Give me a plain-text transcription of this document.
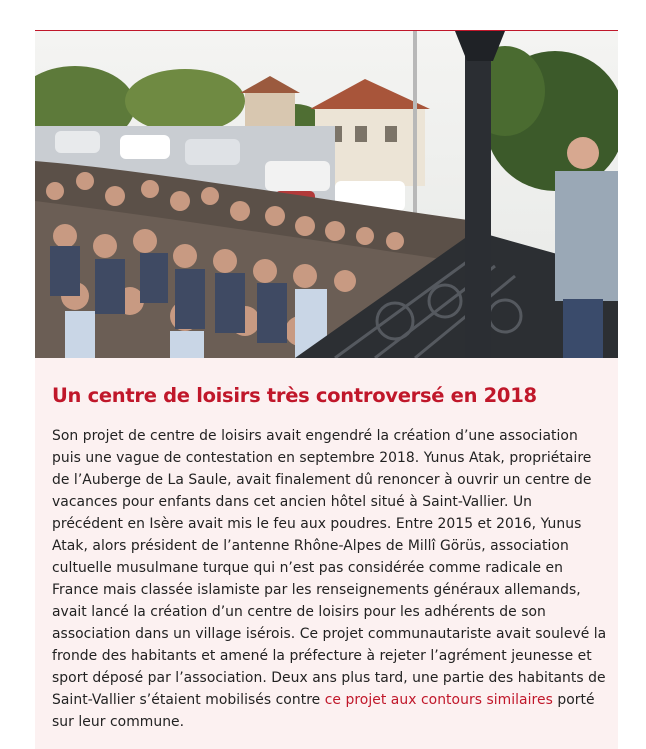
Un centre de loisirs très controversé en 2018

Son projet de centre de loisirs avait engendré la création d’une association puis une vague de contestation en septembre 2018. Yunus Atak, propriétaire de l’Auberge de La Saule, avait finalement dû renoncer à ouvrir un centre de vacances pour enfants dans cet ancien hôtel situé à Saint-Vallier. Un précédent en Isère avait mis le feu aux poudres. Entre 2015 et 2016, Yunus Atak, alors président de l’antenne Rhône-Alpes de Millî Görüs, association cultuelle musulmane turque qui n’est pas considérée comme radicale en France mais classée islamiste par les renseignements généraux allemands, avait lancé la création d’un centre de loisirs pour les adhérents de son association dans un village isérois. Ce projet communautariste avait soulevé la fronde des habitants et amené la préfecture à rejeter l’agrément jeunesse et sport déposé par l’association. Deux ans plus tard, une partie des habitants de Saint-Vallier s’étaient mobilisés contre ce projet aux contours similaires porté sur leur commune.
